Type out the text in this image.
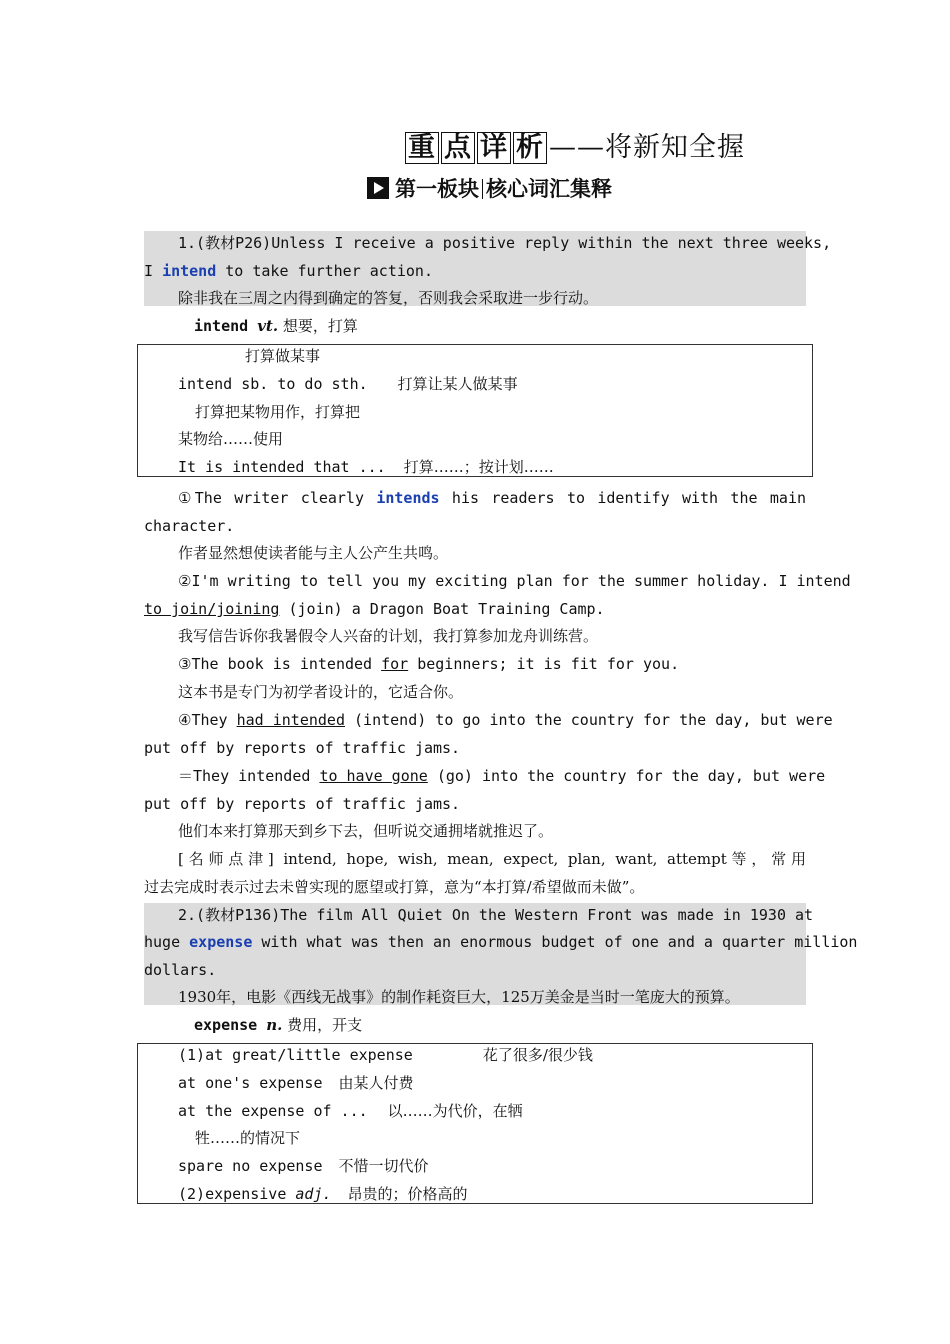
重 点 详 析 ——将新知全握
第一板块 核心词汇集释
1.(教材P26)Unless I receive a positive reply within the next three weeks,
I intend to take further action.
除非我在三周之内得到确定的答复，否则我会采取进一步行动。
intend vt. 想要，打算
打算做某事
intend sb. to do sth. 打算让某人做某事
打算把某物用作，打算把
某物给……使用
It is intended that ... 打算……；按计划……
①The writer clearly intends his readers to identify with the main
character.
作者显然想使读者能与主人公产生共鸣。
②I'm writing to tell you my exciting plan for the summer holiday. I intend
to join/joining (join) a Dragon Boat Training Camp.
我写信告诉你我暑假令人兴奋的计划，我打算参加龙舟训练营。
③The book is intended for beginners; it is fit for you.
这本书是专门为初学者设计的，它适合你。
④They had intended (intend) to go into the country for the day, but were
put off by reports of traffic jams.
＝They intended to have gone (go) into the country for the day, but were
put off by reports of traffic jams.
他们本来打算那天到乡下去，但听说交通拥堵就推迟了。
[名师点津] intend, hope, wish, mean, expect, plan, want, attempt等，常用
过去完成时表示过去未曾实现的愿望或打算，意为“本打算/希望做而未做”。
2.(教材P136)The film All Quiet On the Western Front was made in 1930 at
huge expense with what was then an enormous budget of one and a quarter million
dollars.
1930年，电影《西线无战事》的制作耗资巨大，125万美金是当时一笔庞大的预算。
expense n. 费用，开支
(1)at great/little expense	花了很多/很少钱
at one's expense 由某人付费
at the expense of ... 以……为代价，在牺
牲……的情况下
spare no expense 不惜一切代价
(2)expensive adj. 昂贵的；价格高的
